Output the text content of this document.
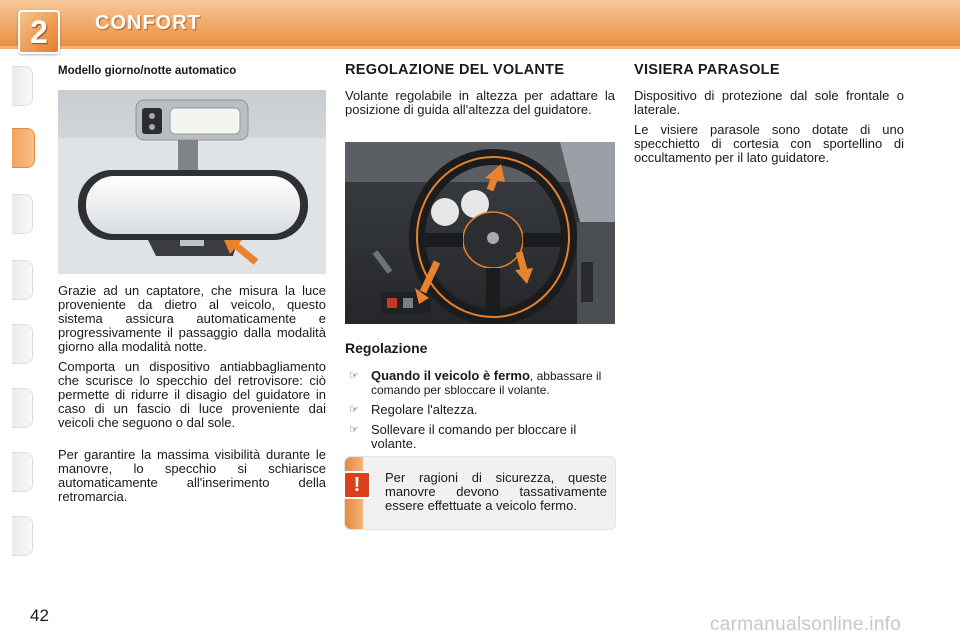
2	CONFORT

Modello giorno/notte automatico

Grazie ad un captatore, che misura la luce proveniente da dietro al veicolo, questo sistema assicura automaticamente e progressivamente il passaggio dalla modalità giorno alla modalità notte.

Comporta un dispositivo antiabbagliamento che scurisce lo specchio del retrovisore: ciò permette di ridurre il disagio del guidatore in caso di un fascio di luce proveniente dai veicoli che seguono o dal sole.

Per garantire la massima visibilità durante le manovre, lo specchio si schiarisce automaticamente all'inserimento della retromarcia.

REGOLAZIONE DEL VOLANTE

Volante regolabile in altezza per adattare la posizione di guida all'altezza del guidatore.

Regolazione

☞ Quando il veicolo è fermo, abbassare il comando per sbloccare il volante.
☞ Regolare l'altezza.
☞ Sollevare il comando per bloccare il volante.
!	Per ragioni di sicurezza, queste manovre devono tassativamente essere effettuate a veicolo fermo.

VISIERA PARASOLE

Dispositivo di protezione dal sole frontale o laterale.

Le visiere parasole sono dotate di uno specchietto di cortesia con sportellino di occultamento per il lato guidatore.

42	carmanualsonline.info
